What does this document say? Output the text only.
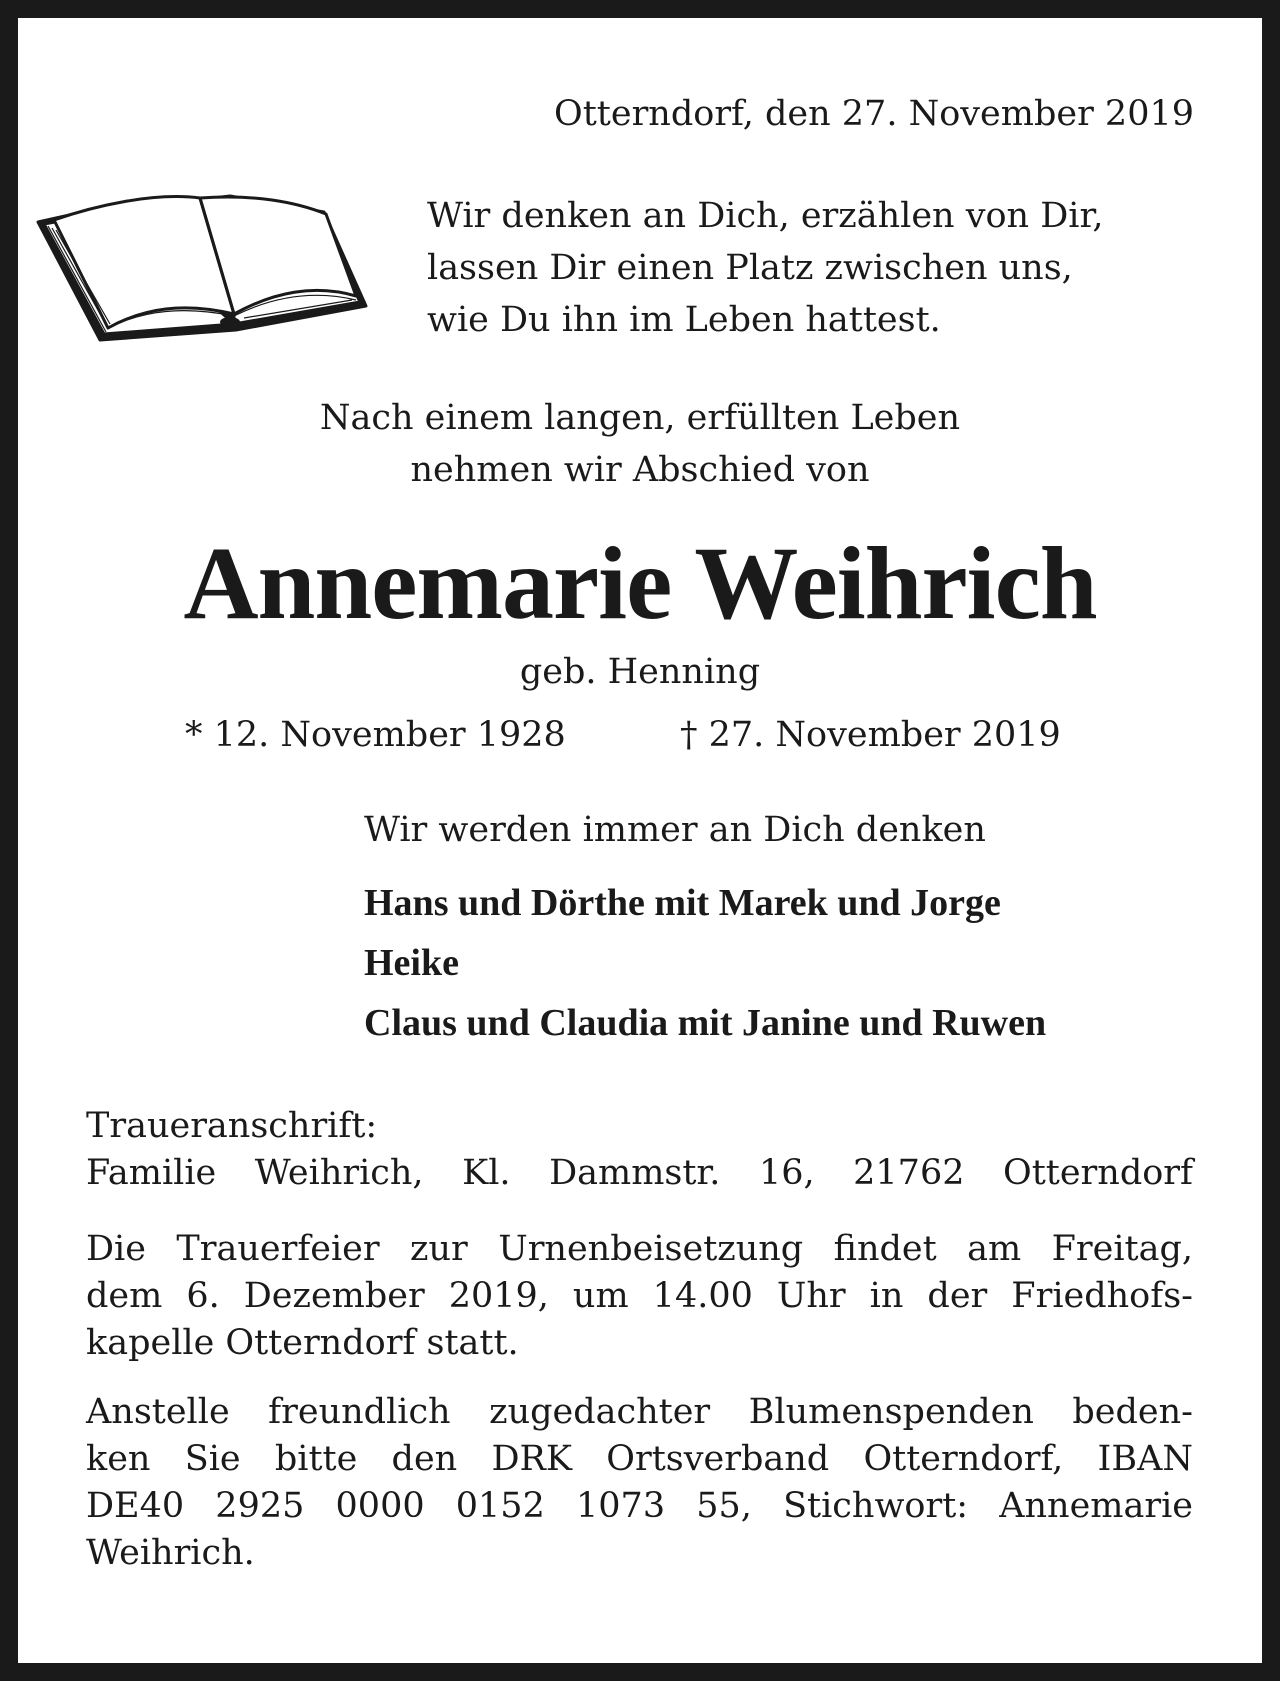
Otterndorf, den 27. November 2019
Wir denken an Dich, erzählen von Dir,
lassen Dir einen Platz zwischen uns,
wie Du ihn im Leben hattest.
Nach einem langen, erfüllten Leben
nehmen wir Abschied von
Annemarie Weihrich
geb. Henning
* 12. November 1928	† 27. November 2019
Wir werden immer an Dich denken
Hans und Dörthe mit Marek und Jorge
Heike
Claus und Claudia mit Janine und Ruwen
Traueranschrift:
Familie Weihrich, Kl. Dammstr. 16, 21762 Otterndorf
Die Trauerfeier zur Urnenbeisetzung findet am Freitag,
dem 6. Dezember 2019, um 14.00 Uhr in der Friedhofs-
kapelle Otterndorf statt.
Anstelle freundlich zugedachter Blumenspenden beden-
ken Sie bitte den DRK Ortsverband Otterndorf, IBAN
DE40 2925 0000 0152 1073 55, Stichwort: Annemarie
Weihrich.
